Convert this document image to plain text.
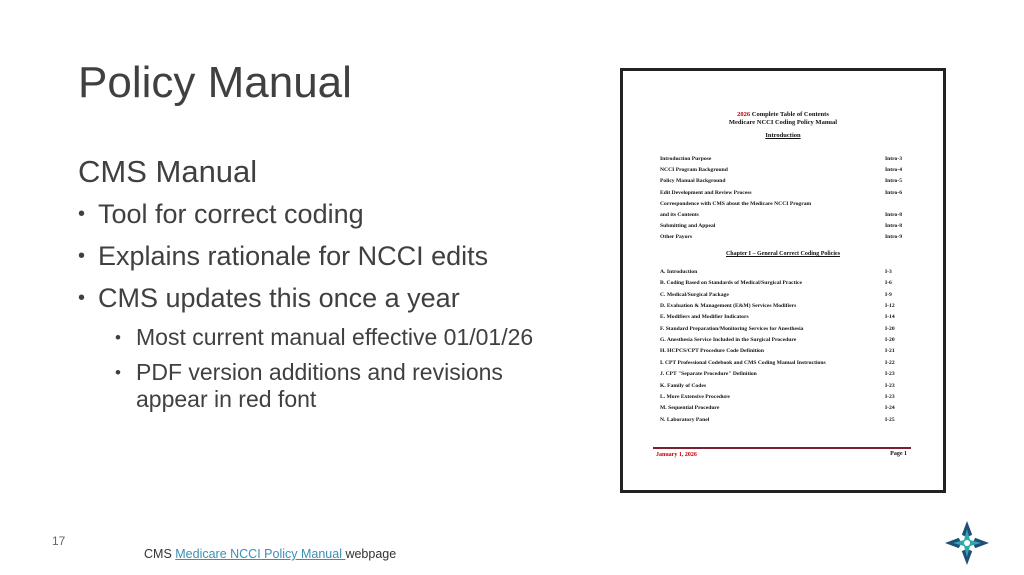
Policy Manual
CMS Manual
• Tool for correct coding
• Explains rationale for NCCI edits
• CMS updates this once a year
• Most current manual effective 01/01/26
• PDF version additions and revisions appear in red font
2026 Complete Table of Contents
Medicare NCCI Coding Policy Manual
Introduction
Introduction Purpose	Intro-3
NCCI Program Background	Intro-4
Policy Manual Background	Intro-5
Edit Development and Review Process	Intro-6
Correspondence with CMS about the Medicare NCCI Program
and its Contents	Intro-8
Submitting and Appeal	Intro-8
Other Payors	Intro-9
Chapter I – General Correct Coding Policies
A. Introduction	I-3
B. Coding Based on Standards of Medical/Surgical Practice	I-6
C. Medical/Surgical Package	I-9
D. Evaluation & Management (E&M) Services Modifiers	I-12
E. Modifiers and Modifier Indicators	I-14
F. Standard Preparation/Monitoring Services for Anesthesia	I-20
G. Anesthesia Service Included in the Surgical Procedure	I-20
H. HCPCS/CPT Procedure Code Definition	I-21
I. CPT Professional Codebook and CMS Coding Manual Instructions	I-22
J. CPT "Separate Procedure" Definition	I-23
K. Family of Codes	I-23
L. More Extensive Procedure	I-23
M. Sequential Procedure	I-24
N. Laboratory Panel	I-25
January 1, 2026	Page 1
17
CMS Medicare NCCI Policy Manual webpage
